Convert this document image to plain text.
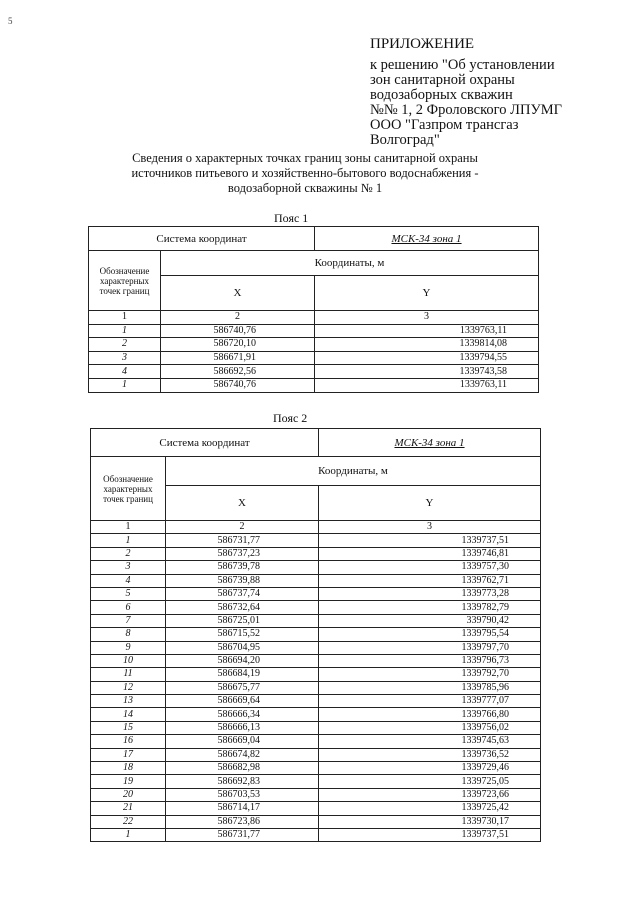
5
ПРИЛОЖЕНИЕ
к решению "Об установлении
зон санитарной охраны
водозаборных скважин
№№ 1, 2 Фроловского ЛПУМГ
ООО "Газпром трансгаз
Волгоград"
Сведения о характерных точках границ зоны санитарной охраны
источников питьевого и хозяйственно-бытового водоснабжения -
водозаборной скважины № 1
Пояс 1
Система координат		МСК-34 зона 1
Обозначение характерных точек границ	Координаты, м	
	X	Y
1	2	3
1	586740,76	1339763,11
2	586720,10	1339814,08
3	586671,91	1339794,55
4	586692,56	1339743,58
1	586740,76	1339763,11
Пояс 2
Система координат		МСК-34 зона 1
Обозначение характерных точек границ	Координаты, м	
	X	Y
1	2	3
1	586731,77	1339737,51
2	586737,23	1339746,81
3	586739,78	1339757,30
4	586739,88	1339762,71
5	586737,74	1339773,28
6	586732,64	1339782,79
7	586725,01	339790,42
8	586715,52	1339795,54
9	586704,95	1339797,70
10	586694,20	1339796,73
11	586684,19	1339792,70
12	586675,77	1339785,96
13	586669,64	1339777,07
14	586666,34	1339766,80
15	586666,13	1339756,02
16	586669,04	1339745,63
17	586674,82	1339736,52
18	586682,98	1339729,46
19	586692,83	1339725,05
20	586703,53	1339723,66
21	586714,17	1339725,42
22	586723,86	1339730,17
1	586731,77	1339737,51
